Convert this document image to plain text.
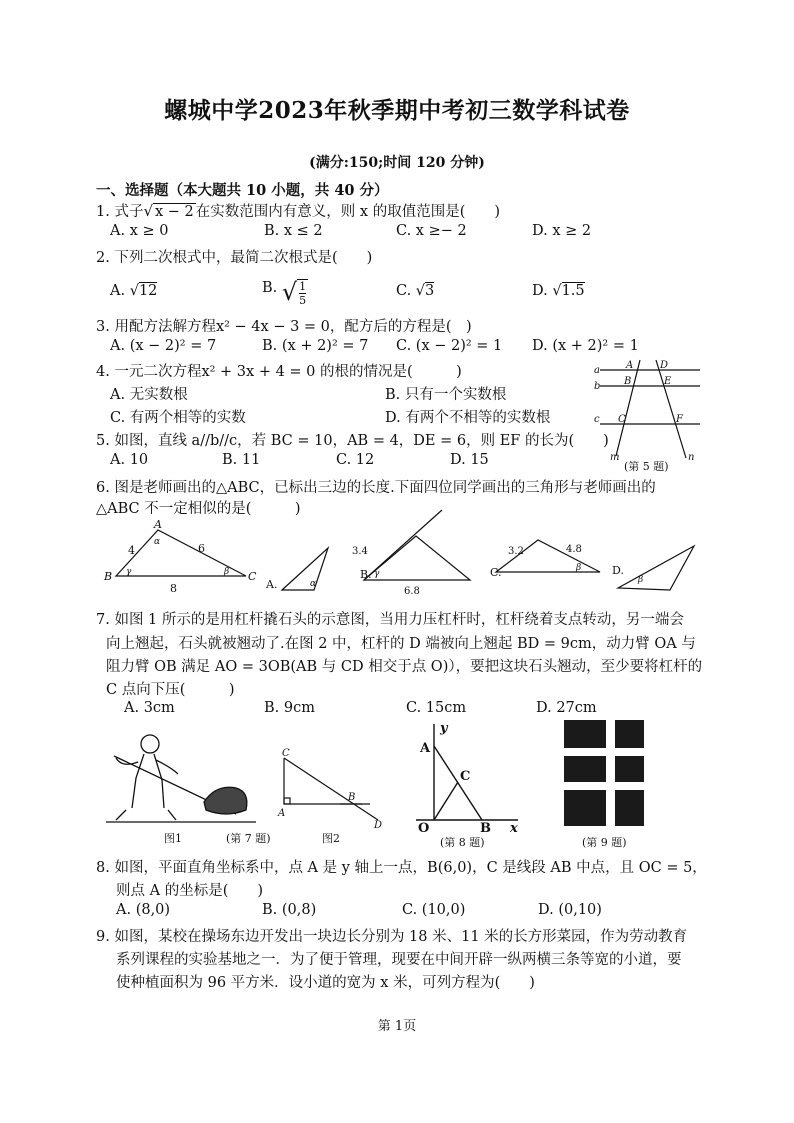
螺城中学2023年秋季期中考初三数学科试卷
(满分:150;时间 120 分钟)
一、选择题（本大题共 10 小题，共 40 分）
1. 式子√ x − 2 在实数范围内有意义，则 x 的取值范围是(　　)
A. x ≥ 0	B. x ≤ 2	C. x ≥− 2	D. x ≥ 2
2. 下列二次根式中，最简二次根式是(　　)
A. √12	B. √ $\frac{1}{5}$	C. √3	D. √1.5
3. 用配方法解方程x² − 4x − 3 = 0，配方后的方程是(　)
A. (x − 2)² = 7	B. (x + 2)² = 7 C. (x − 2)² = 1 D. (x + 2)² = 1
4. 一元二次方程x² + 3x + 4 = 0 的根的情况是(　　　)
A. 无实数根	B. 只有一个实数根
C. 有两个相等的实数	D. 有两个不相等的实数根
a
b
c
A
B
C
D
E
F
m	n
(第 5 题)
5. 如图，直线 a//b//c，若 BC = 10，AB = 4，DE = 6，则 EF 的长为(　　)
A. 10	B. 11	C. 12	D. 15
6. 图是老师画出的△ABC，已标出三边的长度.下面四位同学画出的三角形与老师画出的
△ABC 不一定相似的是(　　　)
A
B	C
α
β
γ
4	6
8	A.	α
B.
3.4
γ
6.8
C.
3.2	4.8
β	D.
β
7. 如图 1 所示的是用杠杆撬石头的示意图，当用力压杠杆时，杠杆绕着支点转动，另一端会
向上翘起，石头就被翘动了.在图 2 中，杠杆的 D 端被向上翘起 BD = 9cm，动力臂 OA 与
阻力臂 OB 满足 AO = 3OB(AB 与 CD 相交于点 O)），要把这块石头翘动，至少要将杠杆的
C 点向下压(　　　)
A. 3cm	B. 9cm	C. 15cm	D. 27cm
图1
C
A
B
D
(第 7 题)	图2
y
x
A
B
C
O
(第 8 题)	(第 9 题)
8. 如图，平面直角坐标系中，点 A 是 y 轴上一点，B(6,0)，C 是线段 AB 中点，且 OC = 5，
则点 A 的坐标是(　　)
A. (8,0)	B. (0,8)	C. (10,0)	D. (0,10)
9. 如图，某校在操场东边开发出一块边长分别为 18 米、11 米的长方形菜园，作为劳动教育
系列课程的实验基地之一．为了便于管理，现要在中间开辟一纵两横三条等宽的小道，要
使种植面积为 96 平方米．设小道的宽为 x 米，可列方程为(　　)
第 1页
